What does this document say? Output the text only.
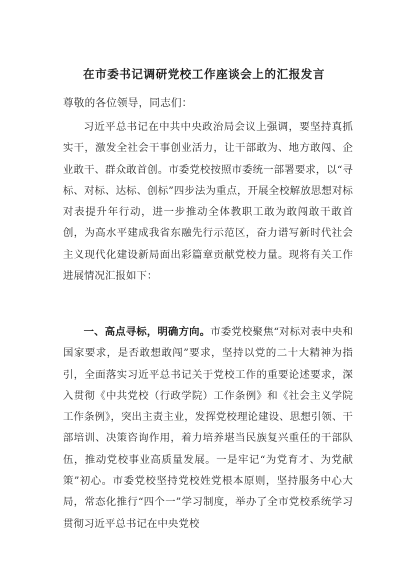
在市委书记调研党校工作座谈会上的汇报发言
尊敬的各位领导，同志们：

习近平总书记在中共中央政治局会议上强调，要坚持真抓实干，激发全社会干事创业活力，让干部敢为、地方敢闯、企业敢干、群众敢首创。市委党校按照市委统一部署要求，以“寻标、对标、达标、创标”四步法为重点，开展全校解放思想对标对表提升年行动，进一步推动全体教职工敢为敢闯敢干敢首创，为高水平建成我省东融先行示范区，奋力谱写新时代社会主义现代化建设新局面出彩篇章贡献党校力量。现将有关工作进展情况汇报如下：

一、高点寻标，明确方向。市委党校聚焦“对标对表中央和国家要求，是否敢想敢闯”要求，坚持以党的二十大精神为指引，全面落实习近平总书记关于党校工作的重要论述要求，深入贯彻《中共党校（行政学院）工作条例》和《社会主义学院工作条例》，突出主责主业，发挥党校理论建设、思想引领、干部培训、决策咨询作用，着力培养堪当民族复兴重任的干部队伍，推动党校事业高质量发展。一是牢记“为党育才、为党献策”初心。市委党校坚持党校姓党根本原则，坚持服务中心大局，常态化推行“四个一”学习制度，举办了全市党校系统学习贯彻习近平总书记在中央党校
